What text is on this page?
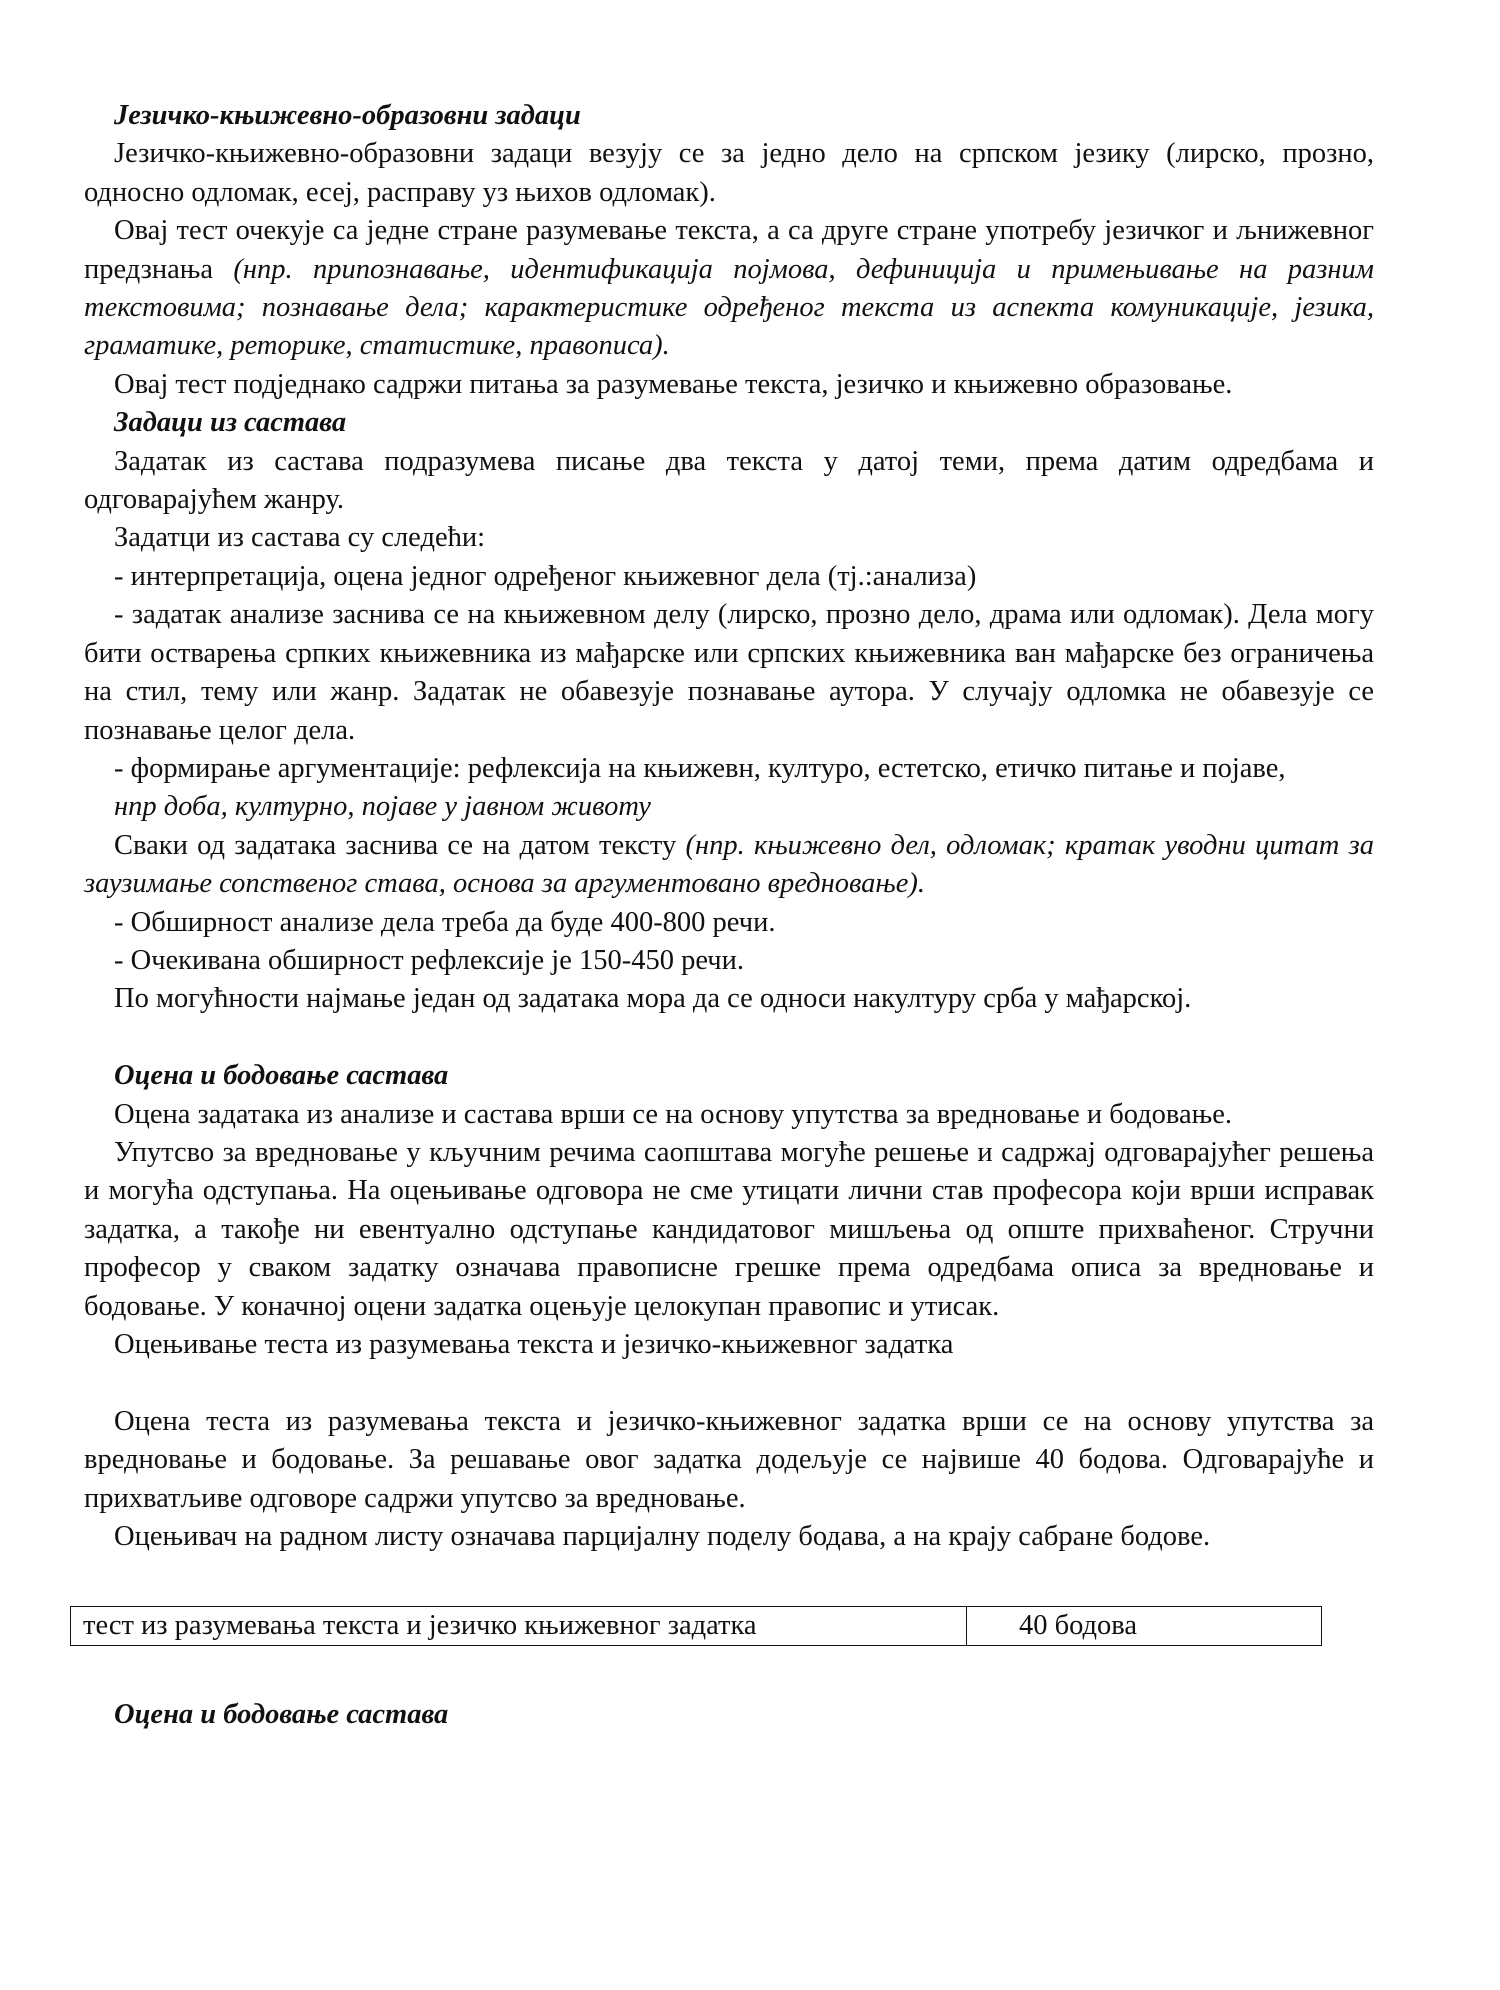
Језичко-књижевно-образовни задаци

Језичко-књижевно-образовни задаци везују се за једно дело на српском језику (лирско, прозно, односно одломак, есеј, расправу уз њихов одломак).

Овај тест очекује са једне стране разумевање текста, а са друге стране употребу језичког и љнижевног предзнања (нпр. припознавање, идентификација појмова, дефиниција и примењивање на разним текстовима; познавање дела; карактеристике одређеног текста из аспекта комуникације, језика, граматике, реторике, статистике, правописа).

Овај тест подједнако садржи питања за разумевање текста, језичко и књижевно образовање.

Задаци из састава

Задатак из састава подразумева писање два текста у датој теми, према датим одредбама и одговарајућем жанру.

Задатци из састава су следећи:

- интерпретација, оцена једног одређеног књижевног дела (тј.:анализа)

- задатак анализе заснива се на књижевном делу (лирско, прозно дело, драма или одломак). Дела могу бити остварења српких књижевника из мађарске или српских књижевника ван мађарске без ограничења на стил, тему или жанр. Задатак не обавезује познавање аутора. У случају одломка не обавезује се познавање целог дела.

- формирање аргументације: рефлексија на књижевн, културо, естетско, етичко питање и појаве,

нпр доба, културно, појаве у јавном животу

Сваки од задатака заснива се на датом тексту (нпр. књижевно дел, одломак; кратак уводни цитат за заузимање сопственог става, основа за аргументовано вредновање).

- Обширност анализе дела треба да буде 400-800 речи.

- Очекивана обширност рефлексије је 150-450 речи.

По могућности најмање један од задатака мора да се односи накултуру срба у мађарској.

Оцена и бодовање састава

Оцена задатака из анализе и састава врши се на основу упутства за вредновање и бодовање.

Упутсво за вредновање у кључним речима саопштава могуће решење и садржај одговарајућег решења и могућа одступања. На оцењивање одговора не сме утицати лични став професора који врши исправак задатка, а такође ни евентуално одступање кандидатовог мишљења од опште прихваћеног. Стручни професор у сваком задатку означава правописне грешке према одредбама описа за вредновање и бодовање. У коначној оцени задатка оцењује целокупан правопис и утисак.

Оцењивање теста из разумевања текста и језичко-књижевног задатка

Оцена теста из разумевања текста и језичко-књижевног задатка врши се на основу упутства за вредновање и бодовање. За решавање овог задатка додељује се највише 40 бодова. Одговарајуће и прихватљиве одговоре садржи упутсво за вредновање.

Оцењивач на радном листу означава парцијалну поделу бодава, а на крају сабране бодове.

тест из разумевања текста и језичко књижевног задатка	40 бодова

Оцена и бодовање састава
